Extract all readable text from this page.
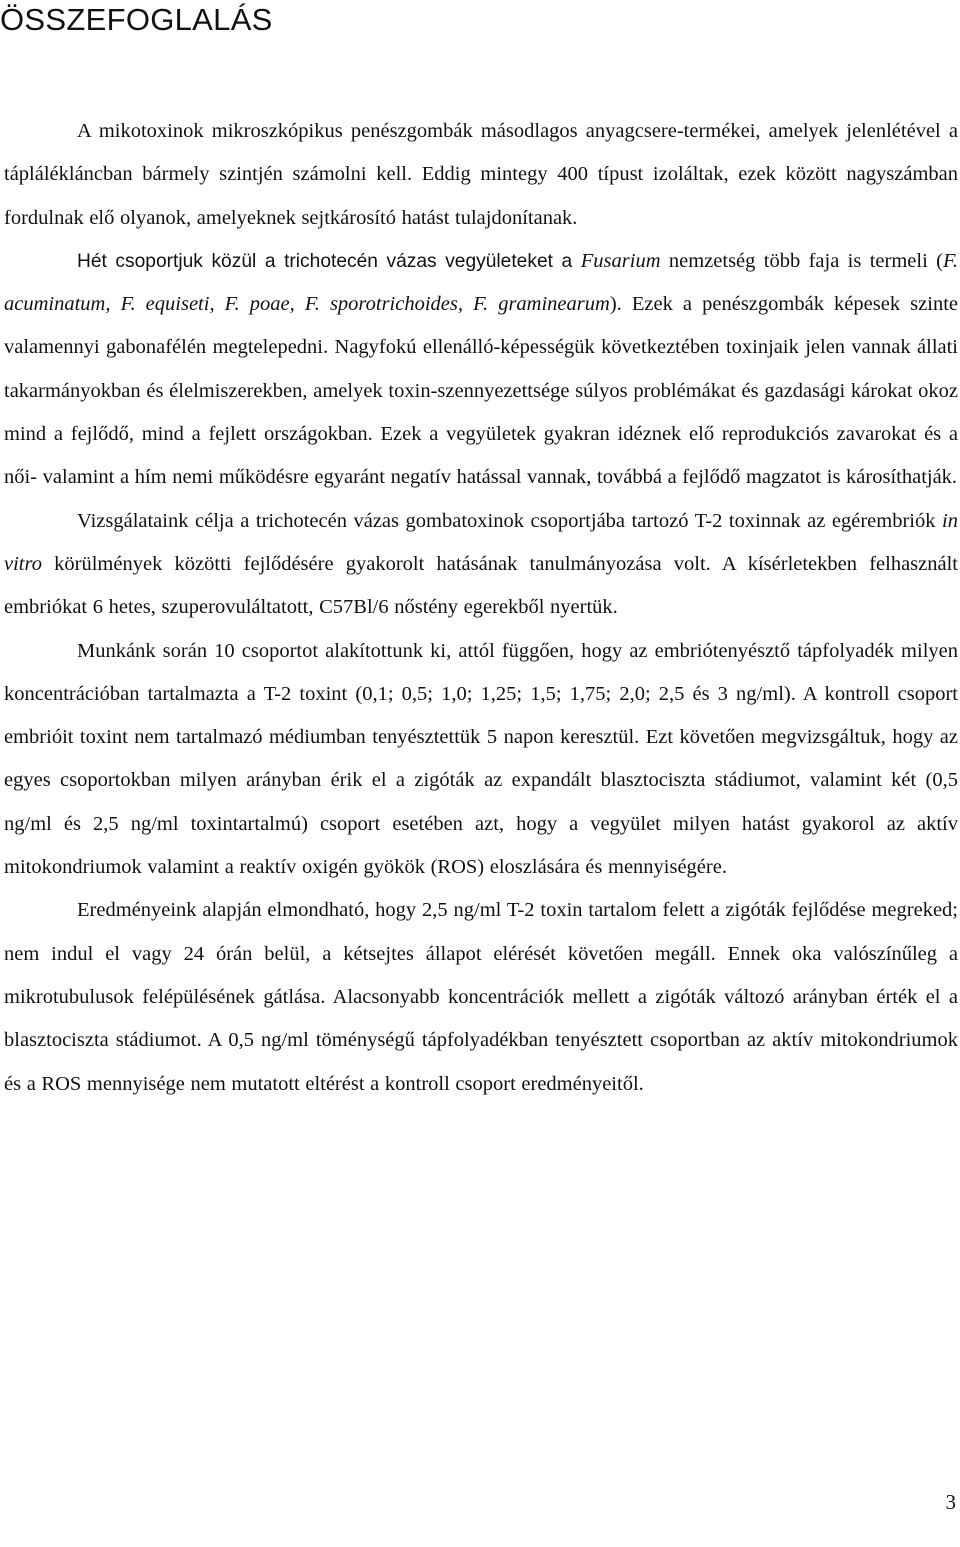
ÖSSZEFOGLALÁS

A mikotoxinok mikroszkópikus penészgombák másodlagos anyagcsere-termékei, amelyek jelenlétével a táplálékláncban bármely szintjén számolni kell. Eddig mintegy 400 típust izoláltak, ezek között nagyszámban fordulnak elő olyanok, amelyeknek sejtkárosító hatást tulajdonítanak.

Hét csoportjuk közül a trichotecén vázas vegyületeket a Fusarium nemzetség több faja is termeli (F. acuminatum, F. equiseti, F. poae, F. sporotrichoides, F. graminearum). Ezek a penészgombák képesek szinte valamennyi gabonafélén megtelepedni. Nagyfokú ellenálló-képességük következtében toxinjaik jelen vannak állati takarmányokban és élelmiszerekben, amelyek toxin-szennyezettsége súlyos problémákat és gazdasági károkat okoz mind a fejlődő, mind a fejlett országokban. Ezek a vegyületek gyakran idéznek elő reprodukciós zavarokat és a női- valamint a hím nemi működésre egyaránt negatív hatással vannak, továbbá a fejlődő magzatot is károsíthatják.

Vizsgálataink célja a trichotecén vázas gombatoxinok csoportjába tartozó T-2 toxinnak az egérembriók in vitro körülmények közötti fejlődésére gyakorolt hatásának tanulmányozása volt. A kísérletekben felhasznált embriókat 6 hetes, szuperovuláltatott, C57Bl/6 nőstény egerekből nyertük.

Munkánk során 10 csoportot alakítottunk ki, attól függően, hogy az embriótenyésztő tápfolyadék milyen koncentrációban tartalmazta a T-2 toxint (0,1; 0,5; 1,0; 1,25; 1,5; 1,75; 2,0; 2,5 és 3 ng/ml). A kontroll csoport embrióit toxint nem tartalmazó médiumban tenyésztettük 5 napon keresztül. Ezt követően megvizsgáltuk, hogy az egyes csoportokban milyen arányban érik el a zigóták az expandált blasztociszta stádiumot, valamint két (0,5 ng/ml és 2,5 ng/ml toxintartalmú) csoport esetében azt, hogy a vegyület milyen hatást gyakorol az aktív mitokondriumok valamint a reaktív oxigén gyökök (ROS) eloszlására és mennyiségére.

Eredményeink alapján elmondható, hogy 2,5 ng/ml T-2 toxin tartalom felett a zigóták fejlődése megreked; nem indul el vagy 24 órán belül, a kétsejtes állapot elérését követően megáll. Ennek oka valószínűleg a mikrotubulusok felépülésének gátlása. Alacsonyabb koncentrációk mellett a zigóták változó arányban érték el a blasztociszta stádiumot. A 0,5 ng/ml töménységű tápfolyadékban tenyésztett csoportban az aktív mitokondriumok és a ROS mennyisége nem mutatott eltérést a kontroll csoport eredményeitől.

3
